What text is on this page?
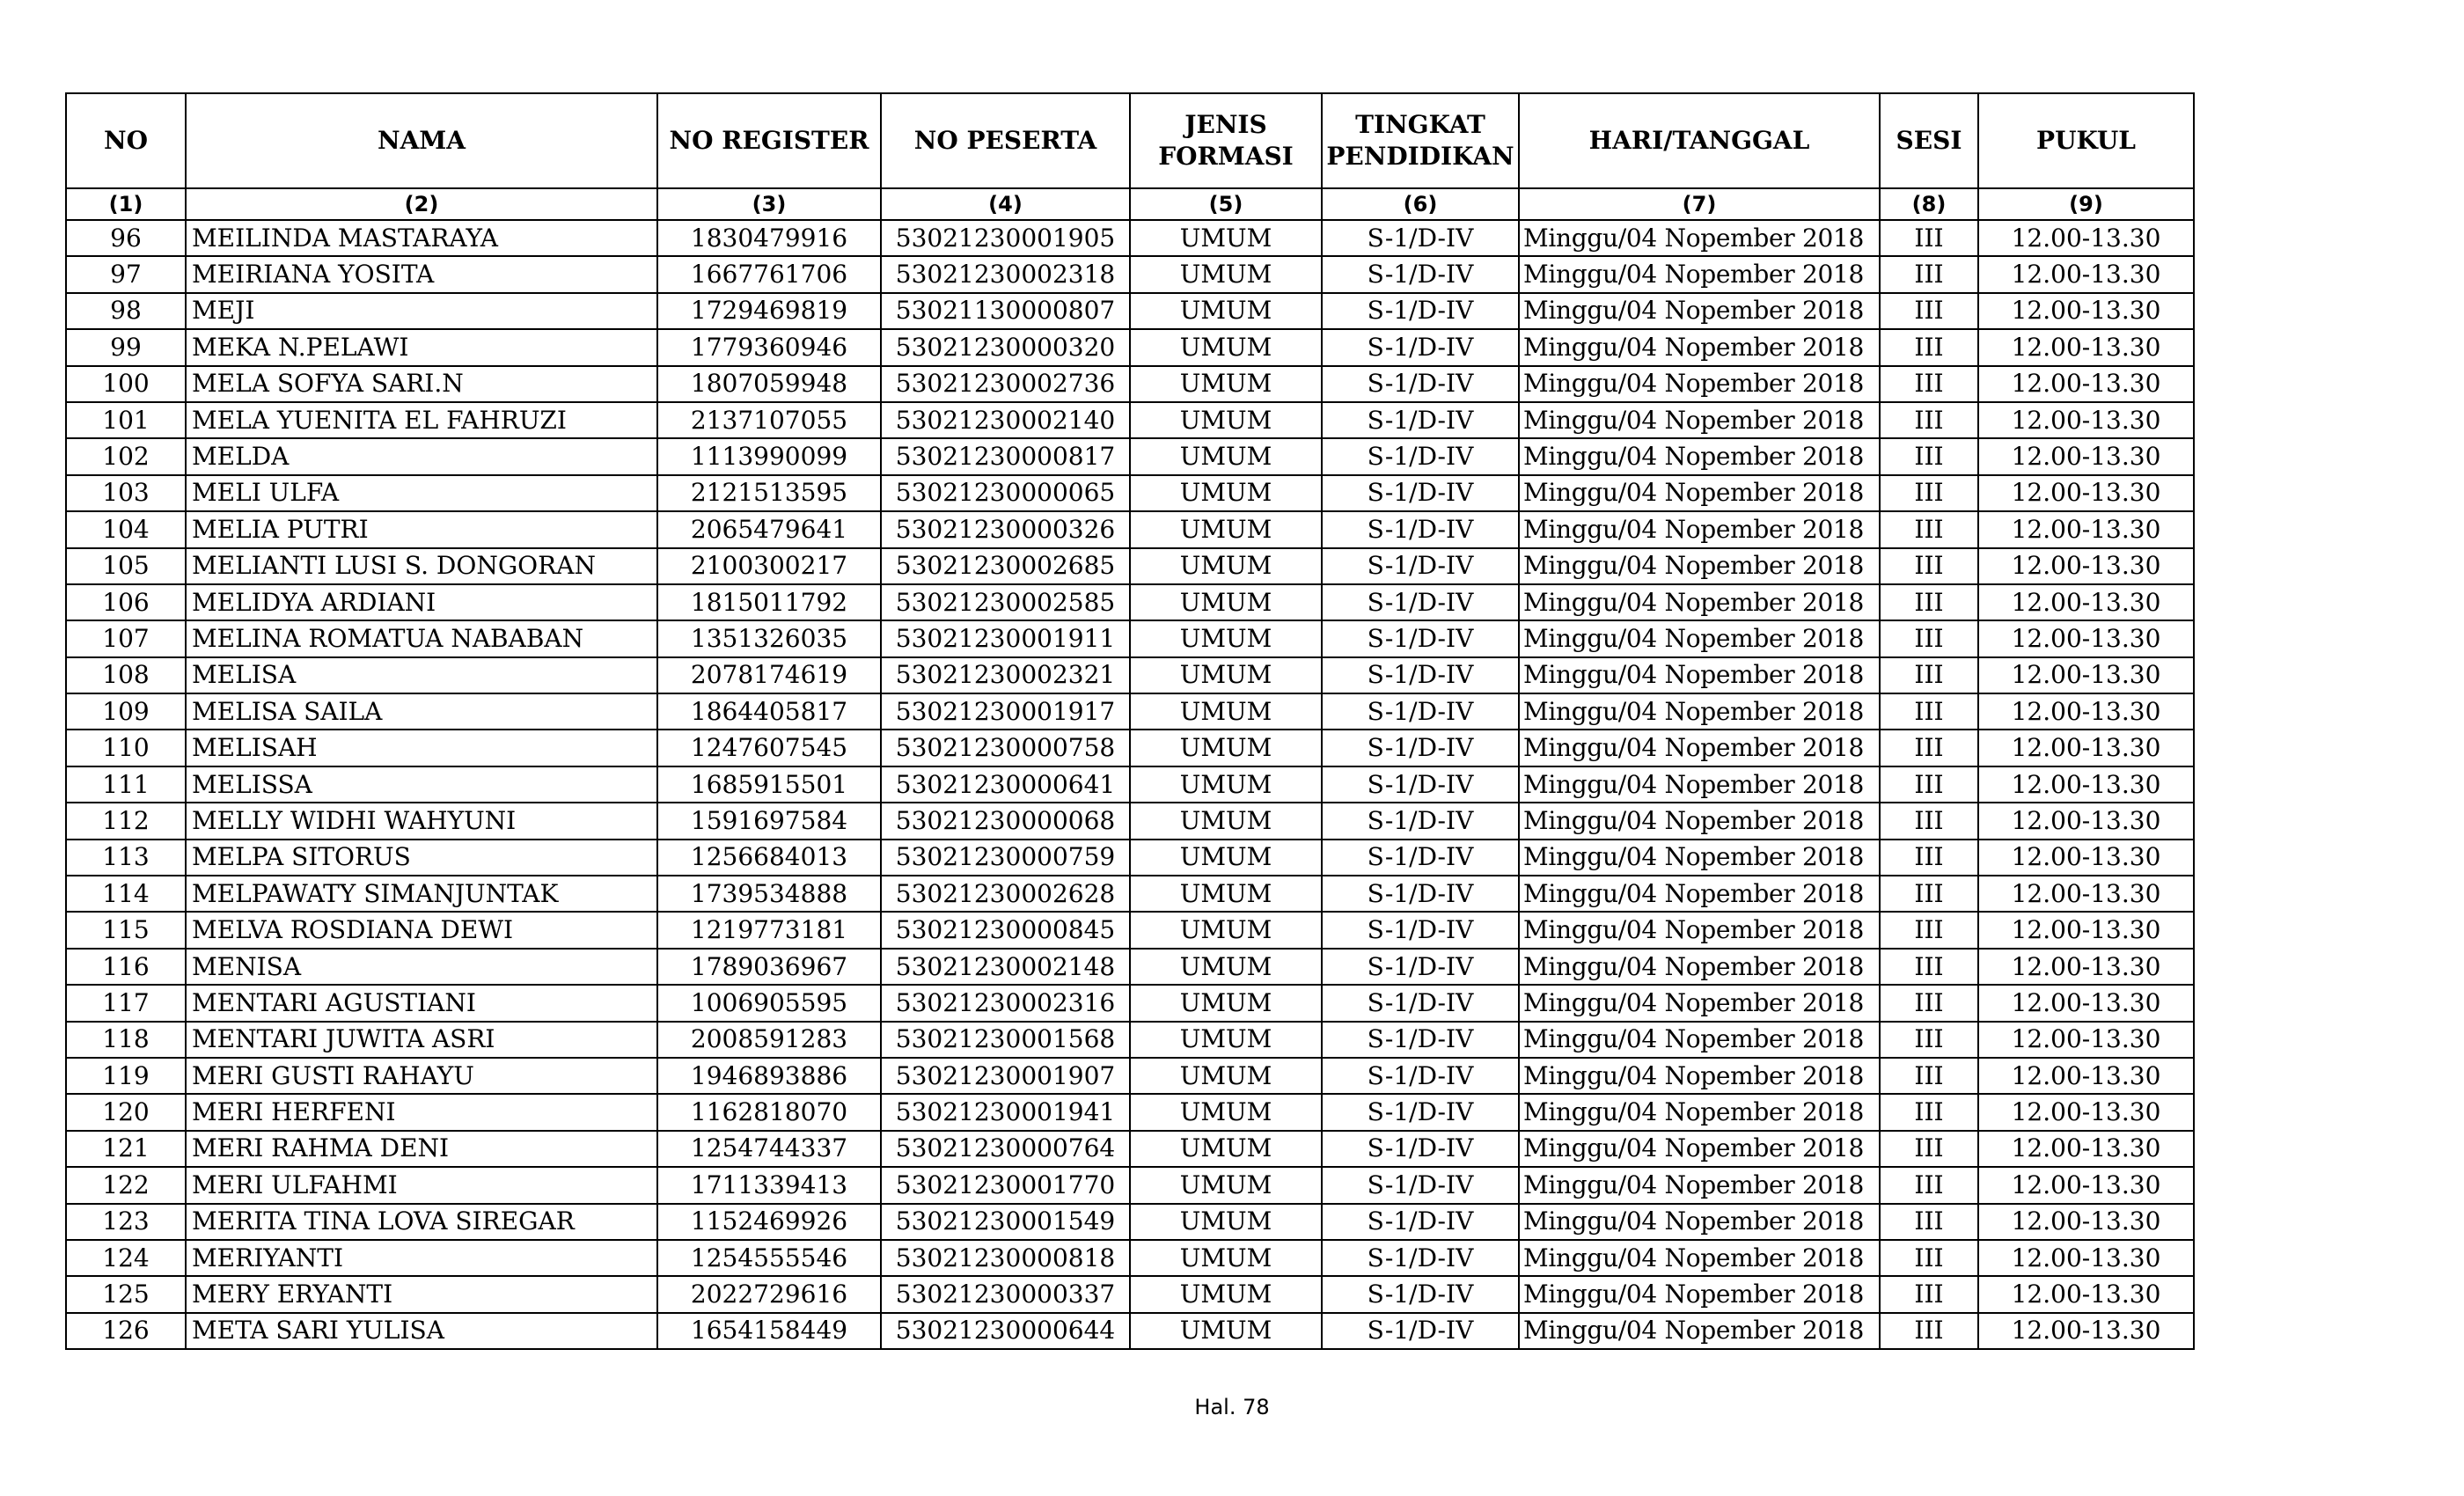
NO	NAMA	NO REGISTER	NO PESERTA	JENIS FORMASI	TINGKAT PENDIDIKAN	HARI/TANGGAL	SESI	PUKUL
(1)	(2)	(3)	(4)	(5)	(6)	(7)	(8)	(9)
96	MEILINDA MASTARAYA	1830479916	53021230001905	UMUM	S-1/D-IV	Minggu/04 Nopember 2018	III	12.00-13.30
97	MEIRIANA YOSITA	1667761706	53021230002318	UMUM	S-1/D-IV	Minggu/04 Nopember 2018	III	12.00-13.30
98	MEJI	1729469819	53021130000807	UMUM	S-1/D-IV	Minggu/04 Nopember 2018	III	12.00-13.30
99	MEKA N.PELAWI	1779360946	53021230000320	UMUM	S-1/D-IV	Minggu/04 Nopember 2018	III	12.00-13.30
100	MELA SOFYA SARI.N	1807059948	53021230002736	UMUM	S-1/D-IV	Minggu/04 Nopember 2018	III	12.00-13.30
101	MELA YUENITA EL FAHRUZI	2137107055	53021230002140	UMUM	S-1/D-IV	Minggu/04 Nopember 2018	III	12.00-13.30
102	MELDA	1113990099	53021230000817	UMUM	S-1/D-IV	Minggu/04 Nopember 2018	III	12.00-13.30
103	MELI ULFA	2121513595	53021230000065	UMUM	S-1/D-IV	Minggu/04 Nopember 2018	III	12.00-13.30
104	MELIA PUTRI	2065479641	53021230000326	UMUM	S-1/D-IV	Minggu/04 Nopember 2018	III	12.00-13.30
105	MELIANTI LUSI S. DONGORAN	2100300217	53021230002685	UMUM	S-1/D-IV	Minggu/04 Nopember 2018	III	12.00-13.30
106	MELIDYA ARDIANI	1815011792	53021230002585	UMUM	S-1/D-IV	Minggu/04 Nopember 2018	III	12.00-13.30
107	MELINA ROMATUA NABABAN	1351326035	53021230001911	UMUM	S-1/D-IV	Minggu/04 Nopember 2018	III	12.00-13.30
108	MELISA	2078174619	53021230002321	UMUM	S-1/D-IV	Minggu/04 Nopember 2018	III	12.00-13.30
109	MELISA SAILA	1864405817	53021230001917	UMUM	S-1/D-IV	Minggu/04 Nopember 2018	III	12.00-13.30
110	MELISAH	1247607545	53021230000758	UMUM	S-1/D-IV	Minggu/04 Nopember 2018	III	12.00-13.30
111	MELISSA	1685915501	53021230000641	UMUM	S-1/D-IV	Minggu/04 Nopember 2018	III	12.00-13.30
112	MELLY WIDHI WAHYUNI	1591697584	53021230000068	UMUM	S-1/D-IV	Minggu/04 Nopember 2018	III	12.00-13.30
113	MELPA SITORUS	1256684013	53021230000759	UMUM	S-1/D-IV	Minggu/04 Nopember 2018	III	12.00-13.30
114	MELPAWATY SIMANJUNTAK	1739534888	53021230002628	UMUM	S-1/D-IV	Minggu/04 Nopember 2018	III	12.00-13.30
115	MELVA ROSDIANA DEWI	1219773181	53021230000845	UMUM	S-1/D-IV	Minggu/04 Nopember 2018	III	12.00-13.30
116	MENISA	1789036967	53021230002148	UMUM	S-1/D-IV	Minggu/04 Nopember 2018	III	12.00-13.30
117	MENTARI AGUSTIANI	1006905595	53021230002316	UMUM	S-1/D-IV	Minggu/04 Nopember 2018	III	12.00-13.30
118	MENTARI JUWITA ASRI	2008591283	53021230001568	UMUM	S-1/D-IV	Minggu/04 Nopember 2018	III	12.00-13.30
119	MERI GUSTI RAHAYU	1946893886	53021230001907	UMUM	S-1/D-IV	Minggu/04 Nopember 2018	III	12.00-13.30
120	MERI HERFENI	1162818070	53021230001941	UMUM	S-1/D-IV	Minggu/04 Nopember 2018	III	12.00-13.30
121	MERI RAHMA DENI	1254744337	53021230000764	UMUM	S-1/D-IV	Minggu/04 Nopember 2018	III	12.00-13.30
122	MERI ULFAHMI	1711339413	53021230001770	UMUM	S-1/D-IV	Minggu/04 Nopember 2018	III	12.00-13.30
123	MERITA TINA LOVA SIREGAR	1152469926	53021230001549	UMUM	S-1/D-IV	Minggu/04 Nopember 2018	III	12.00-13.30
124	MERIYANTI	1254555546	53021230000818	UMUM	S-1/D-IV	Minggu/04 Nopember 2018	III	12.00-13.30
125	MERY ERYANTI	2022729616	53021230000337	UMUM	S-1/D-IV	Minggu/04 Nopember 2018	III	12.00-13.30
126	META SARI YULISA	1654158449	53021230000644	UMUM	S-1/D-IV	Minggu/04 Nopember 2018	III	12.00-13.30
Hal. 78
